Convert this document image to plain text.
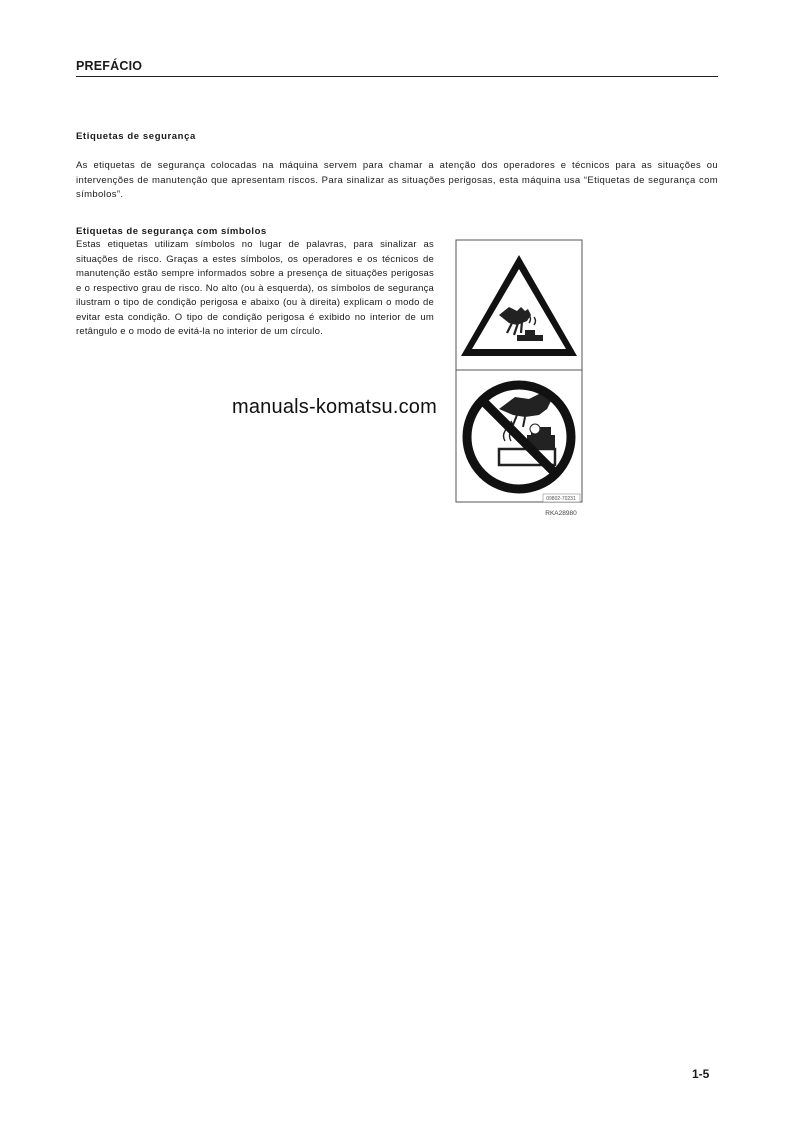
PREFÁCIO
Etiquetas de segurança
As etiquetas de segurança colocadas na máquina servem para chamar a atenção dos operadores e técnicos para as situações ou intervenções de manutenção que apresentam riscos. Para sinalizar as situações perigosas, esta máquina usa “Etiquetas de segurança com símbolos”.
Etiquetas de segurança com símbolos
Estas etiquetas utilizam símbolos no lugar de palavras, para sinalizar as situações de risco. Graças a estes símbolos, os operadores e os técnicos de manutenção estão sempre informados sobre a presença de situações perigosas e o respectivo grau de risco. No alto (ou à esquerda), os símbolos de segurança ilustram o tipo de condição perigosa e abaixo (ou à direita) explicam o modo de evitar esta condição. O tipo de condição perigosa é exibido no interior de um retângulo e o modo de evitá-la no interior de um círculo.
09802-70231
RKA28980
manuals-komatsu.com
1-5
